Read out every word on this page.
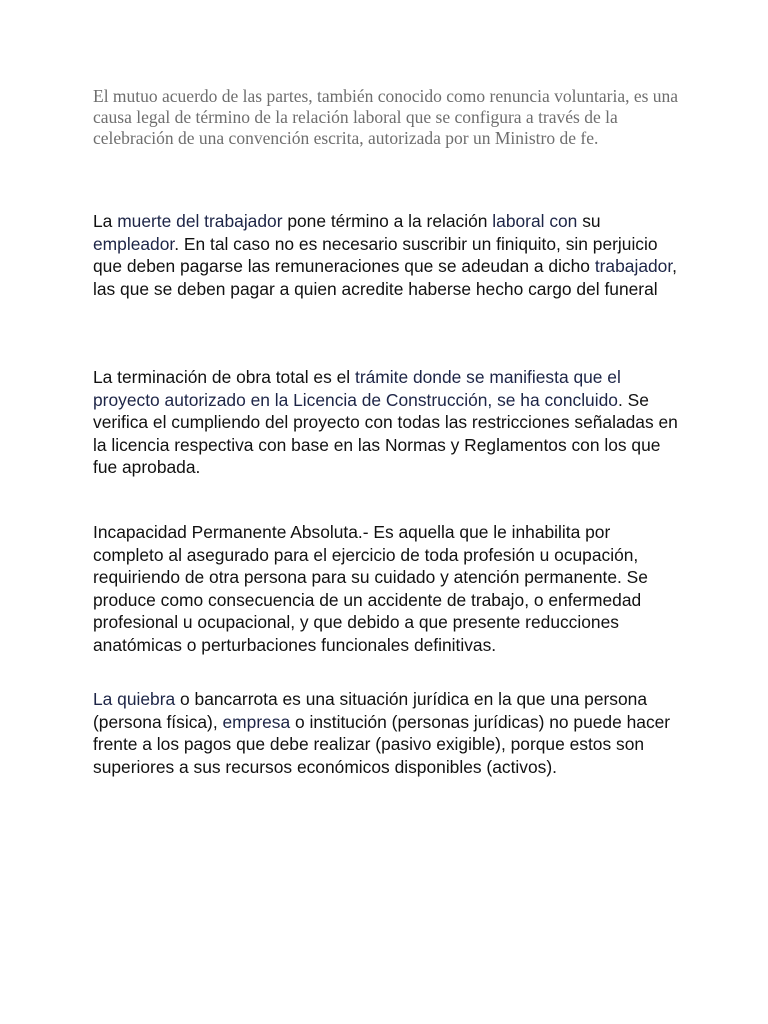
El mutuo acuerdo de las partes, también conocido como renuncia voluntaria, es una causa legal de término de la relación laboral que se configura a través de la celebración de una convención escrita, autorizada por un Ministro de fe.

La muerte del trabajador pone término a la relación laboral con su empleador. En tal caso no es necesario suscribir un finiquito, sin perjuicio que deben pagarse las remuneraciones que se adeudan a dicho trabajador, las que se deben pagar a quien acredite haberse hecho cargo del funeral

La terminación de obra total es el trámite donde se manifiesta que el proyecto autorizado en la Licencia de Construcción, se ha concluido. Se verifica el cumpliendo del proyecto con todas las restricciones señaladas en la licencia respectiva con base en las Normas y Reglamentos con los que fue aprobada.

Incapacidad Permanente Absoluta.- Es aquella que le inhabilita por completo al asegurado para el ejercicio de toda profesión u ocupación, requiriendo de otra persona para su cuidado y atención permanente. Se produce como consecuencia de un accidente de trabajo, o enfermedad profesional u ocupacional, y que debido a que presente reducciones anatómicas o perturbaciones funcionales definitivas.

La quiebra o bancarrota es una situación jurídica en la que una persona (persona física), empresa o institución (personas jurídicas) no puede hacer frente a los pagos que debe realizar (pasivo exigible), porque estos son superiores a sus recursos económicos disponibles (activos).
